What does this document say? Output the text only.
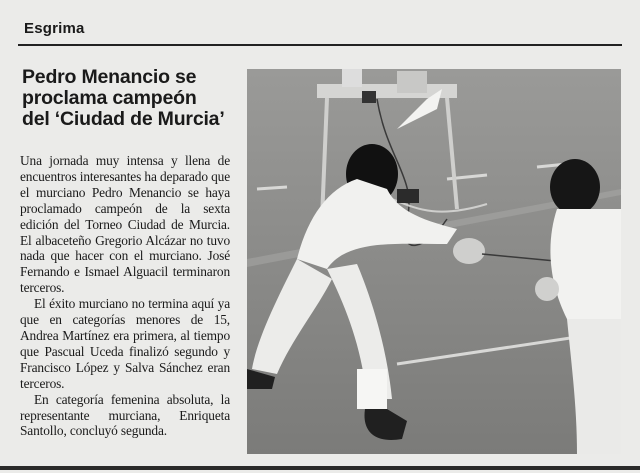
Esgrima
Pedro Menancio se
proclama campeón
del ‘Ciudad de Murcia’

Una jornada muy intensa y llena de encuentros interesantes ha deparado que el murciano Pedro Menancio se haya proclamado campeón de la sexta edición del Torneo Ciudad de Murcia. El albaceteño Gregorio Alcázar no tuvo nada que hacer con el murciano. José Fernando e Ismael Alguacil terminaron terceros.

El éxito murciano no termina aquí ya que en categorías menores de 15, Andrea Martínez era primera, al tiempo que Pascual Uceda finalizó segundo y Francisco López y Salva Sánchez eran terceros.

En categoría femenina absoluta, la representante murciana, Enriqueta Santollo, concluyó segunda.
